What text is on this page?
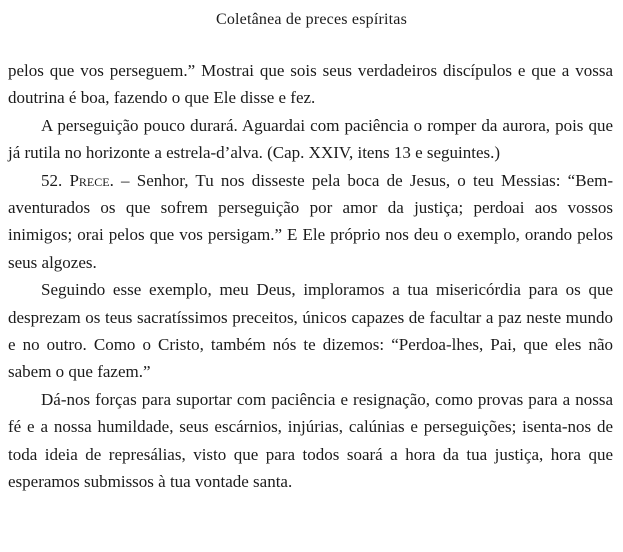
Coletânea de preces espíritas

pelos que vos perseguem.” Mostrai que sois seus verdadeiros discípulos e que a vossa doutrina é boa, fazendo o que Ele disse e fez.

A perseguição pouco durará. Aguardai com paciência o romper da aurora, pois que já rutila no horizonte a estrela-d’alva. (Cap. XXIV, itens 13 e seguintes.)

52. Prece. – Senhor, Tu nos disseste pela boca de Jesus, o teu Messias: “Bem-aventurados os que sofrem perseguição por amor da justiça; perdoai aos vossos inimigos; orai pelos que vos persigam.” E Ele próprio nos deu o exemplo, orando pelos seus algozes.

Seguindo esse exemplo, meu Deus, imploramos a tua misericórdia para os que desprezam os teus sacratíssimos preceitos, únicos capazes de facultar a paz neste mundo e no outro. Como o Cristo, também nós te dizemos: “Perdoa-lhes, Pai, que eles não sabem o que fazem.”

Dá-nos forças para suportar com paciência e resignação, como provas para a nossa fé e a nossa humildade, seus escárnios, injúrias, calúnias e perseguições; isenta-nos de toda ideia de represálias, visto que para todos soará a hora da tua justiça, hora que esperamos submissos à tua vontade santa.
